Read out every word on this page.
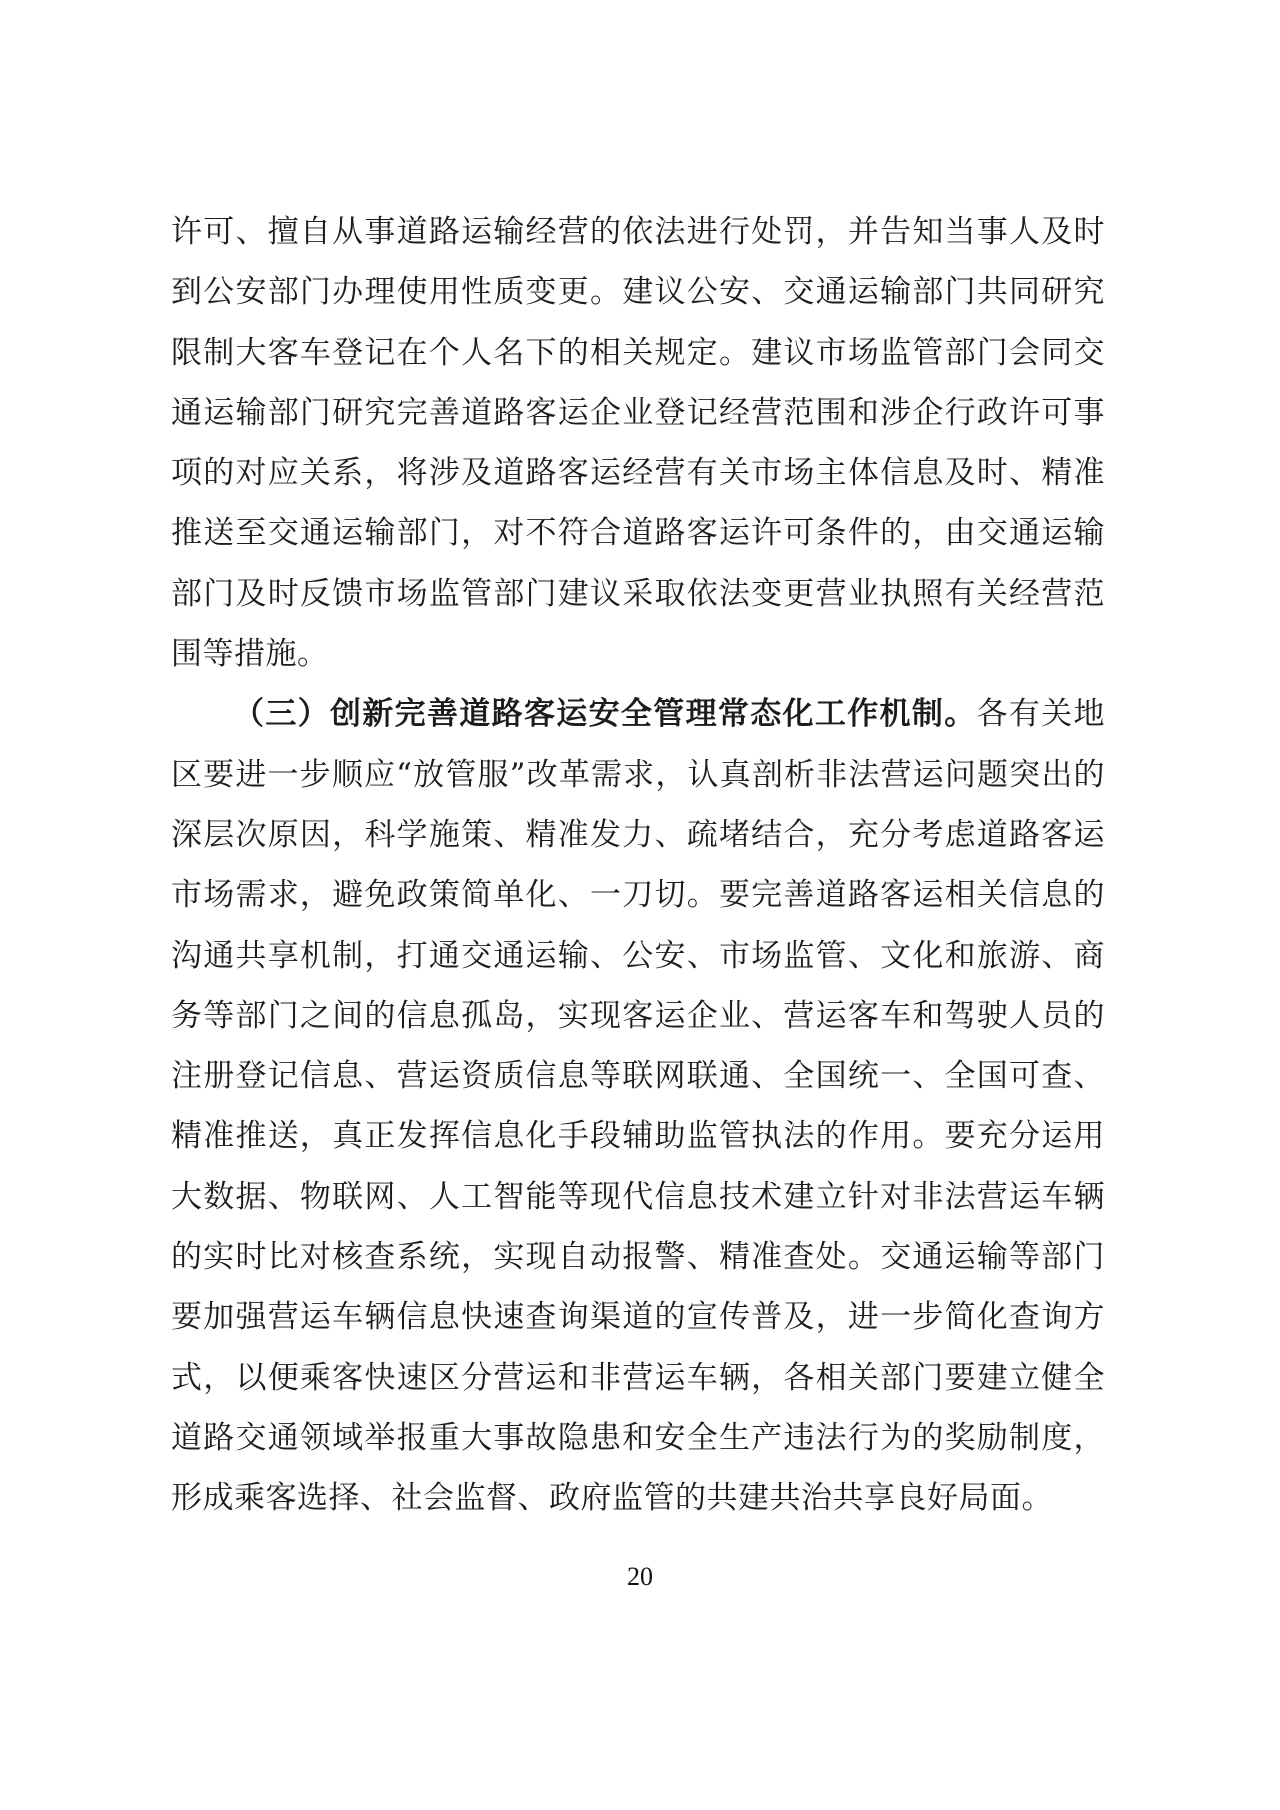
许可、擅自从事道路运输经营的依法进行处罚，并告知当事人及时到公安部门办理使用性质变更。建议公安、交通运输部门共同研究限制大客车登记在个人名下的相关规定。建议市场监管部门会同交通运输部门研究完善道路客运企业登记经营范围和涉企行政许可事项的对应关系，将涉及道路客运经营有关市场主体信息及时、精准推送至交通运输部门，对不符合道路客运许可条件的，由交通运输部门及时反馈市场监管部门建议采取依法变更营业执照有关经营范围等措施。

（三）创新完善道路客运安全管理常态化工作机制。各有关地区要进一步顺应“放管服”改革需求，认真剖析非法营运问题突出的深层次原因，科学施策、精准发力、疏堵结合，充分考虑道路客运市场需求，避免政策简单化、一刀切。要完善道路客运相关信息的沟通共享机制，打通交通运输、公安、市场监管、文化和旅游、商务等部门之间的信息孤岛，实现客运企业、营运客车和驾驶人员的注册登记信息、营运资质信息等联网联通、全国统一、全国可查、精准推送，真正发挥信息化手段辅助监管执法的作用。要充分运用大数据、物联网、人工智能等现代信息技术建立针对非法营运车辆的实时比对核查系统，实现自动报警、精准查处。交通运输等部门要加强营运车辆信息快速查询渠道的宣传普及，进一步简化查询方式，以便乘客快速区分营运和非营运车辆，各相关部门要建立健全道路交通领域举报重大事故隐患和安全生产违法行为的奖励制度，形成乘客选择、社会监督、政府监管的共建共治共享良好局面。

20
